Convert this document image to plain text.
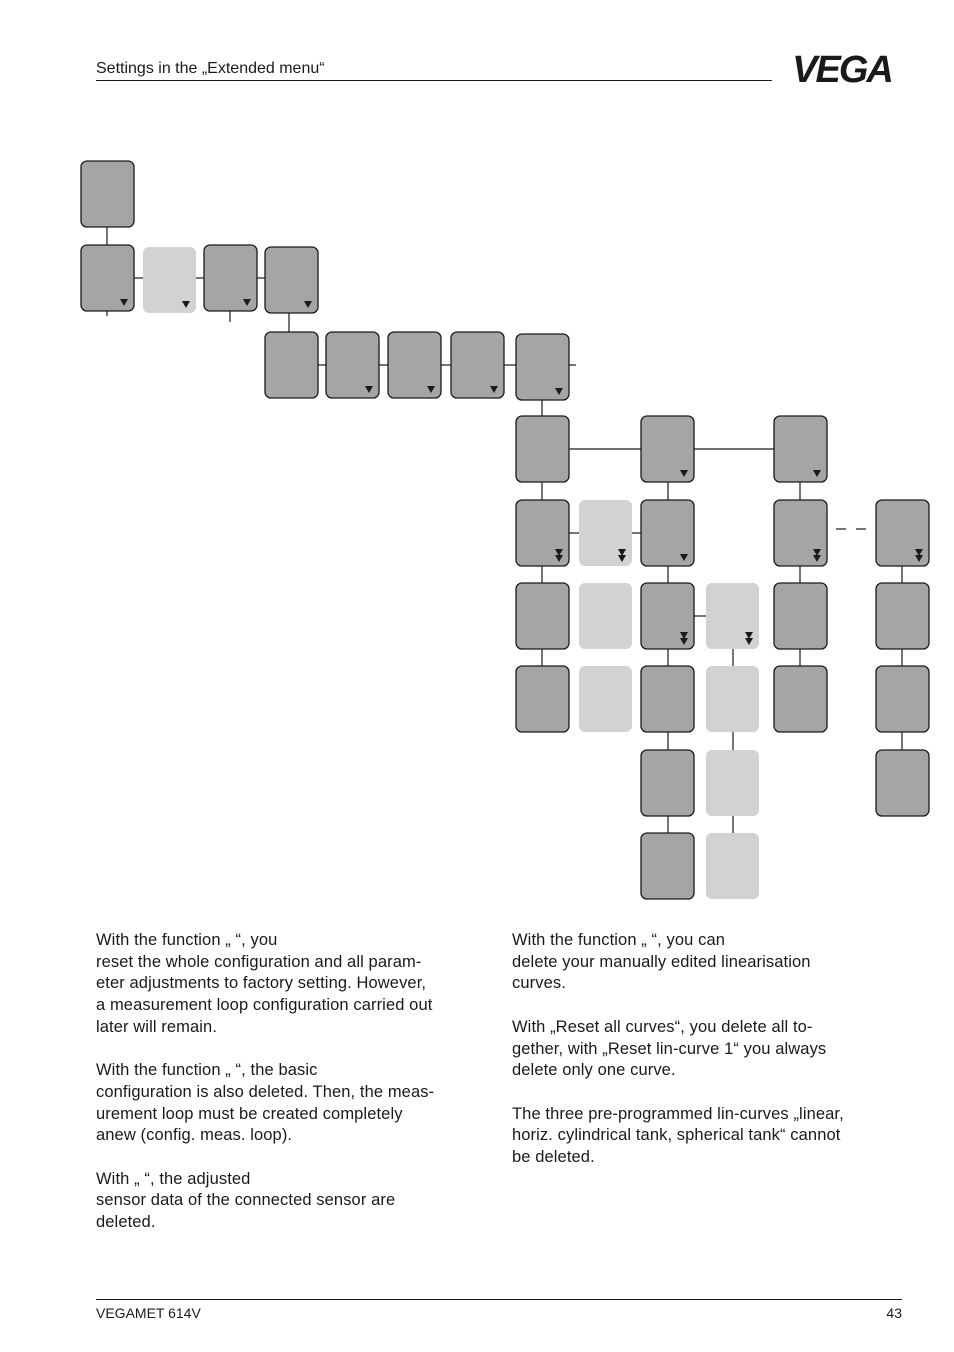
Settings in the „Extended menu“	VEGA

With the function „ “, you
reset the whole configuration and all param-
eter adjustments to factory setting. However,
a measurement loop configuration carried out
later will remain.

With the function „ “, the basic
configuration is also deleted. Then, the meas-
urement loop must be created completely
anew (config. meas. loop).

With „ “, the adjusted
sensor data of the connected sensor are
deleted.

With the function „ “, you can
delete your manually edited linearisation
curves.

With „Reset all curves“, you delete all to-
gether, with „Reset lin-curve 1“ you always
delete only one curve.

The three pre-programmed lin-curves „linear,
horiz. cylindrical tank, spherical tank“ cannot
be deleted.

VEGAMET 614V	43
